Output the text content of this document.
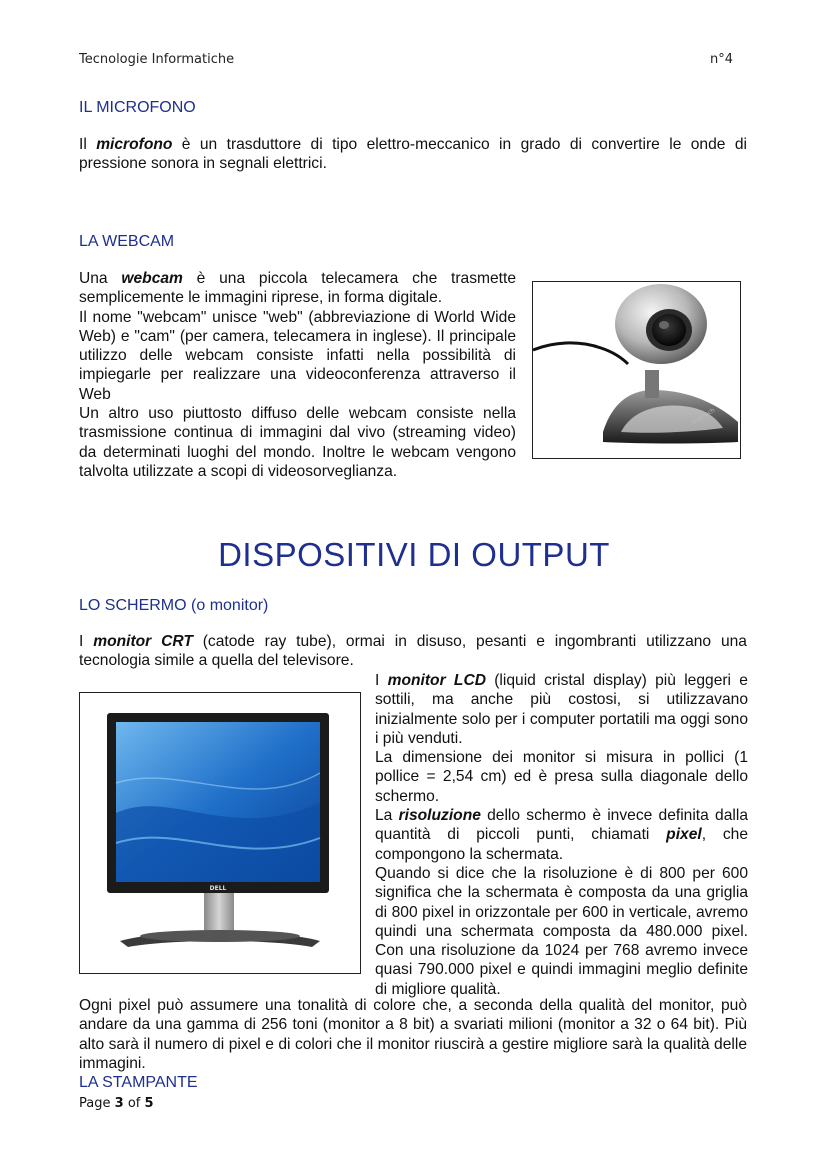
Tecnologie Informatiche	n°4
IL MICROFONO
Il microfono è un trasduttore di tipo elettro-meccanico in grado di convertire le onde di pressione sonora in segnali elettrici.
LA WEBCAM
Una webcam è una piccola telecamera che trasmette semplicemente le immagini riprese, in forma digitale.
Il nome "webcam" unisce "web" (abbreviazione di World Wide Web) e "cam" (per camera, telecamera in inglese). Il principale utilizzo delle webcam consiste infatti nella possibilità di impiegarle per realizzare una videoconferenza attraverso il Web
Un altro uso piuttosto diffuso delle webcam consiste nella trasmissione continua di immagini dal vivo (streaming video) da determinati luoghi del mondo. Inoltre le webcam vengono talvolta utilizzate a scopi di videosorveglianza.
Logitech
DISPOSITIVI DI OUTPUT
LO SCHERMO (o monitor)
I monitor CRT (catode ray tube), ormai in disuso, pesanti e ingombranti utilizzano una tecnologia simile a quella del televisore.
DELL
I monitor LCD (liquid cristal display) più leggeri e sottili, ma anche più costosi, si utilizzavano inizialmente solo per i computer portatili ma oggi sono i più venduti.
La dimensione dei monitor si misura in pollici (1 pollice = 2,54 cm) ed è presa sulla diagonale dello schermo.
La risoluzione dello schermo è invece definita dalla quantità di piccoli punti, chiamati pixel, che compongono la schermata.
Quando si dice che la risoluzione è di 800 per 600 significa che la schermata è composta da una griglia di 800 pixel in orizzontale per 600 in verticale, avremo quindi una schermata composta da 480.000 pixel. Con una risoluzione da 1024 per 768 avremo invece quasi 790.000 pixel e quindi immagini meglio definite di migliore qualità.
Ogni pixel può assumere una tonalità di colore che, a seconda della qualità del monitor, può andare da una gamma di 256 toni (monitor a 8 bit) a svariati milioni (monitor a 32 o 64 bit). Più alto sarà il numero di pixel e di colori che il monitor riuscirà a gestire migliore sarà la qualità delle immagini.
LA STAMPANTE
Page 3 of 5
